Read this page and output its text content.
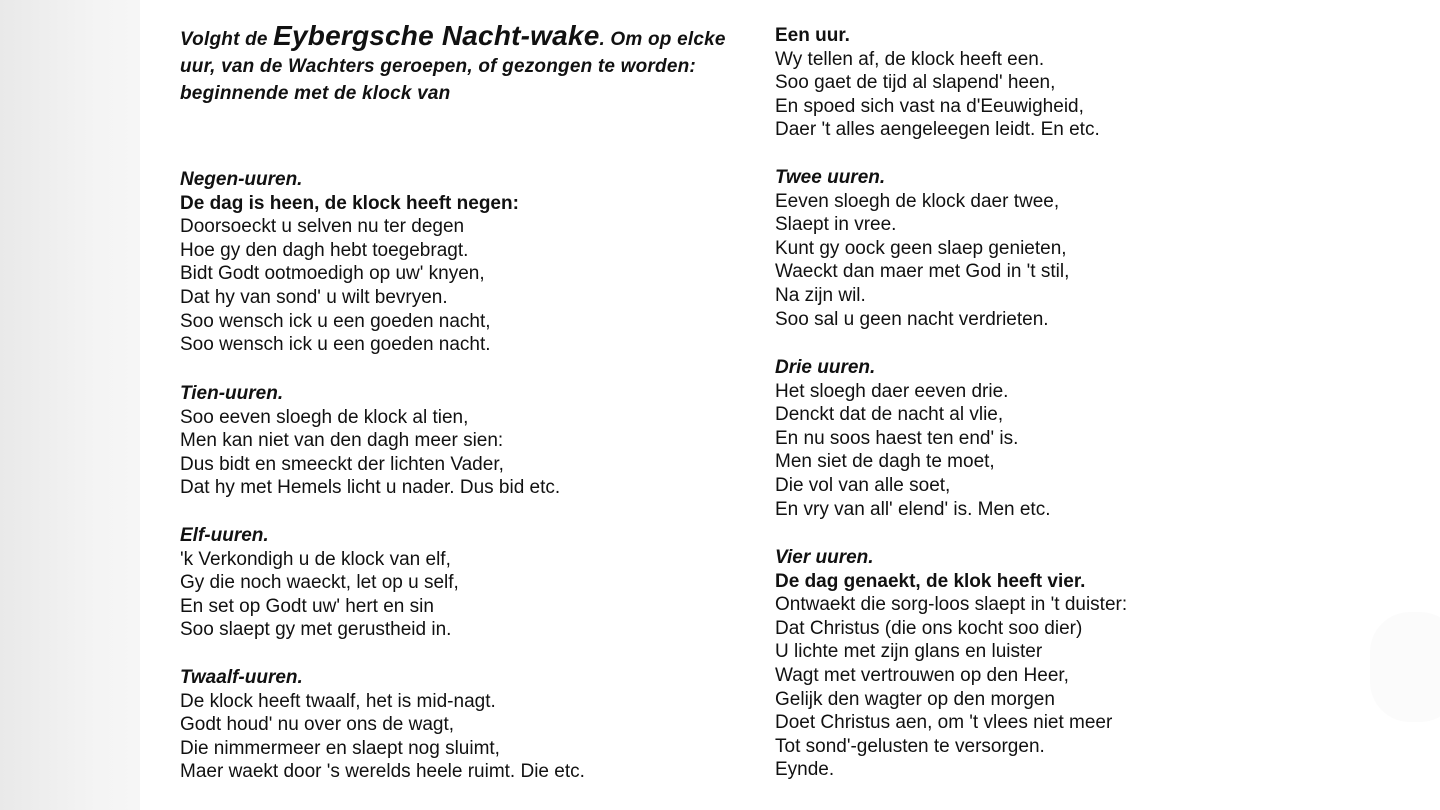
Volght de Eybergsche Nacht-wake. Om op elcke uur, van de Wachters geroepen, of gezongen te worden: beginnende met de klock van
Negen-uuren.
De dag is heen, de klock heeft negen:
Doorsoeckt u selven nu ter degen
Hoe gy den dagh hebt toegebragt.
Bidt Godt ootmoedigh op uw' knyen,
Dat hy van sond' u wilt bevryen.
Soo wensch ick u een goeden nacht,
Soo wensch ick u een goeden nacht.
Tien-uuren.
Soo eeven sloegh de klock al tien,
Men kan niet van den dagh meer sien:
Dus bidt en smeeckt der lichten Vader,
Dat hy met Hemels licht u nader. Dus bid etc.
Elf-uuren.
'k Verkondigh u de klock van elf,
Gy die noch waeckt, let op u self,
En set op Godt uw' hert en sin
Soo slaept gy met gerustheid in.
Twaalf-uuren.
De klock heeft twaalf, het is mid-nagt.
Godt houd' nu over ons de wagt,
Die nimmermeer en slaept nog sluimt,
Maer waekt door 's werelds heele ruimt. Die etc.
Een uur.
Wy tellen af, de klock heeft een.
Soo gaet de tijd al slapend' heen,
En spoed sich vast na d'Eeuwigheid,
Daer 't alles aengeleegen leidt. En etc.
Twee uuren.
Eeven sloegh de klock daer twee,
Slaept in vree.
Kunt gy oock geen slaep genieten,
Waeckt dan maer met God in 't stil,
Na zijn wil.
Soo sal u geen nacht verdrieten.
Drie uuren.
Het sloegh daer eeven drie.
Denckt dat de nacht al vlie,
En nu soos haest ten end' is.
Men siet de dagh te moet,
Die vol van alle soet,
En vry van all' elend' is. Men etc.
Vier uuren.
De dag genaekt, de klok heeft vier.
Ontwaekt die sorg-loos slaept in 't duister:
Dat Christus (die ons kocht soo dier)
U lichte met zijn glans en luister
Wagt met vertrouwen op den Heer,
Gelijk den wagter op den morgen
Doet Christus aen, om 't vlees niet meer
Tot sond'-gelusten te versorgen.
Eynde.
